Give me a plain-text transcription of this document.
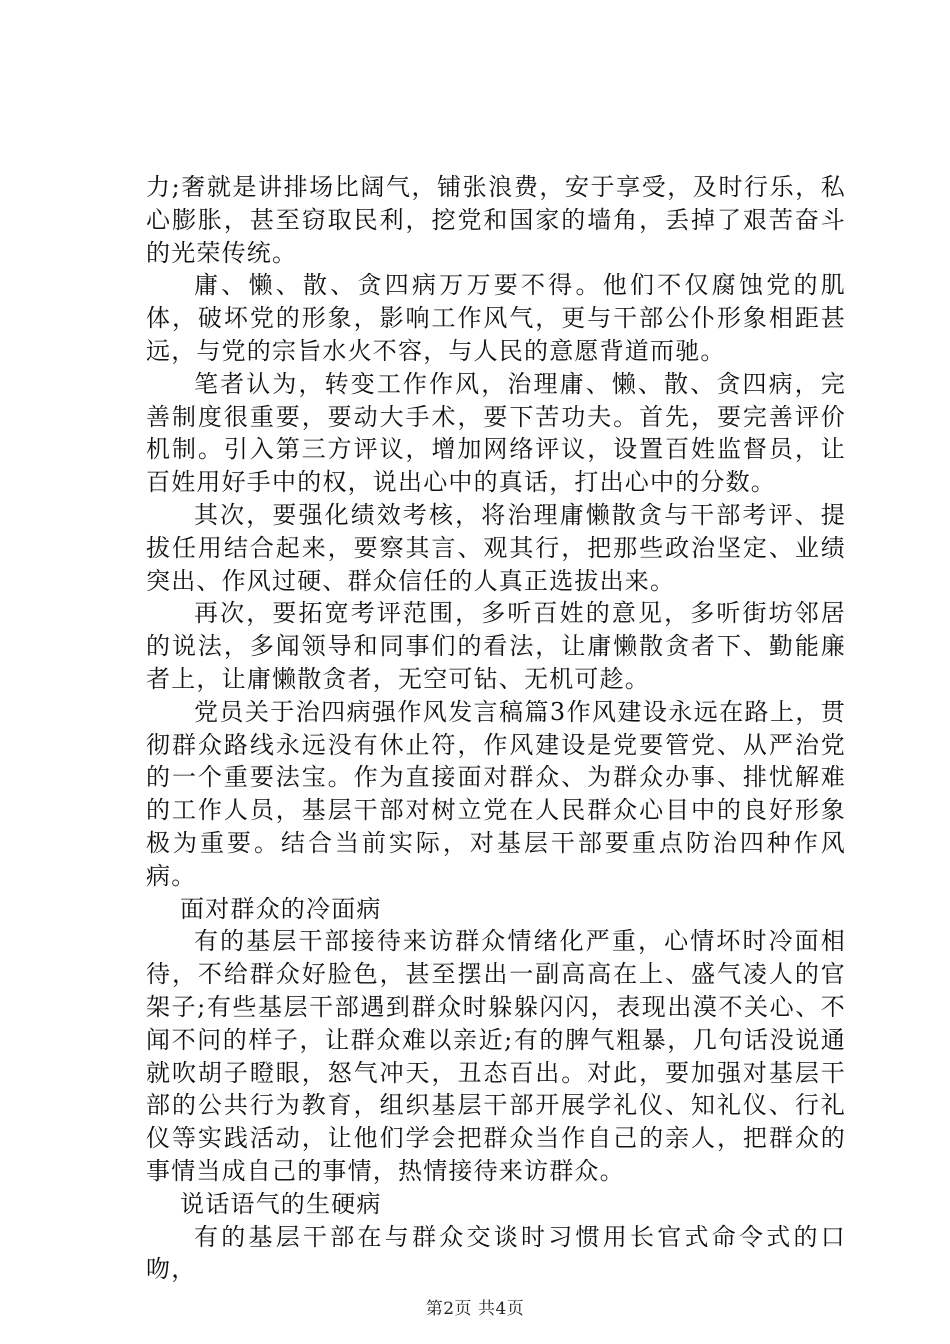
力;奢就是讲排场比阔气，铺张浪费，安于享受，及时行乐，私心膨胀，甚至窃取民利，挖党和国家的墙角，丢掉了艰苦奋斗的光荣传统。

庸、懒、散、贪四病万万要不得。他们不仅腐蚀党的肌体，破坏党的形象，影响工作风气，更与干部公仆形象相距甚远，与党的宗旨水火不容，与人民的意愿背道而驰。

笔者认为，转变工作作风，治理庸、懒、散、贪四病，完善制度很重要，要动大手术，要下苦功夫。首先，要完善评价机制。引入第三方评议，增加网络评议，设置百姓监督员，让百姓用好手中的权，说出心中的真话，打出心中的分数。

其次，要强化绩效考核，将治理庸懒散贪与干部考评、提拔任用结合起来，要察其言、观其行，把那些政治坚定、业绩突出、作风过硬、群众信任的人真正选拔出来。

再次，要拓宽考评范围，多听百姓的意见，多听街坊邻居的说法，多闻领导和同事们的看法，让庸懒散贪者下、勤能廉者上，让庸懒散贪者，无空可钻、无机可趁。

党员关于治四病强作风发言稿篇3作风建设永远在路上，贯彻群众路线永远没有休止符，作风建设是党要管党、从严治党的一个重要法宝。作为直接面对群众、为群众办事、排忧解难的工作人员，基层干部对树立党在人民群众心目中的良好形象极为重要。结合当前实际，对基层干部要重点防治四种作风病。

面对群众的冷面病

有的基层干部接待来访群众情绪化严重，心情坏时冷面相待，不给群众好脸色，甚至摆出一副高高在上、盛气凌人的官架子;有些基层干部遇到群众时躲躲闪闪，表现出漠不关心、不闻不问的样子，让群众难以亲近;有的脾气粗暴，几句话没说通就吹胡子瞪眼，怒气冲天，丑态百出。对此，要加强对基层干部的公共行为教育，组织基层干部开展学礼仪、知礼仪、行礼仪等实践活动，让他们学会把群众当作自己的亲人，把群众的事情当成自己的事情，热情接待来访群众。

说话语气的生硬病

有的基层干部在与群众交谈时习惯用长官式命令式的口吻，

第2页 共4页
